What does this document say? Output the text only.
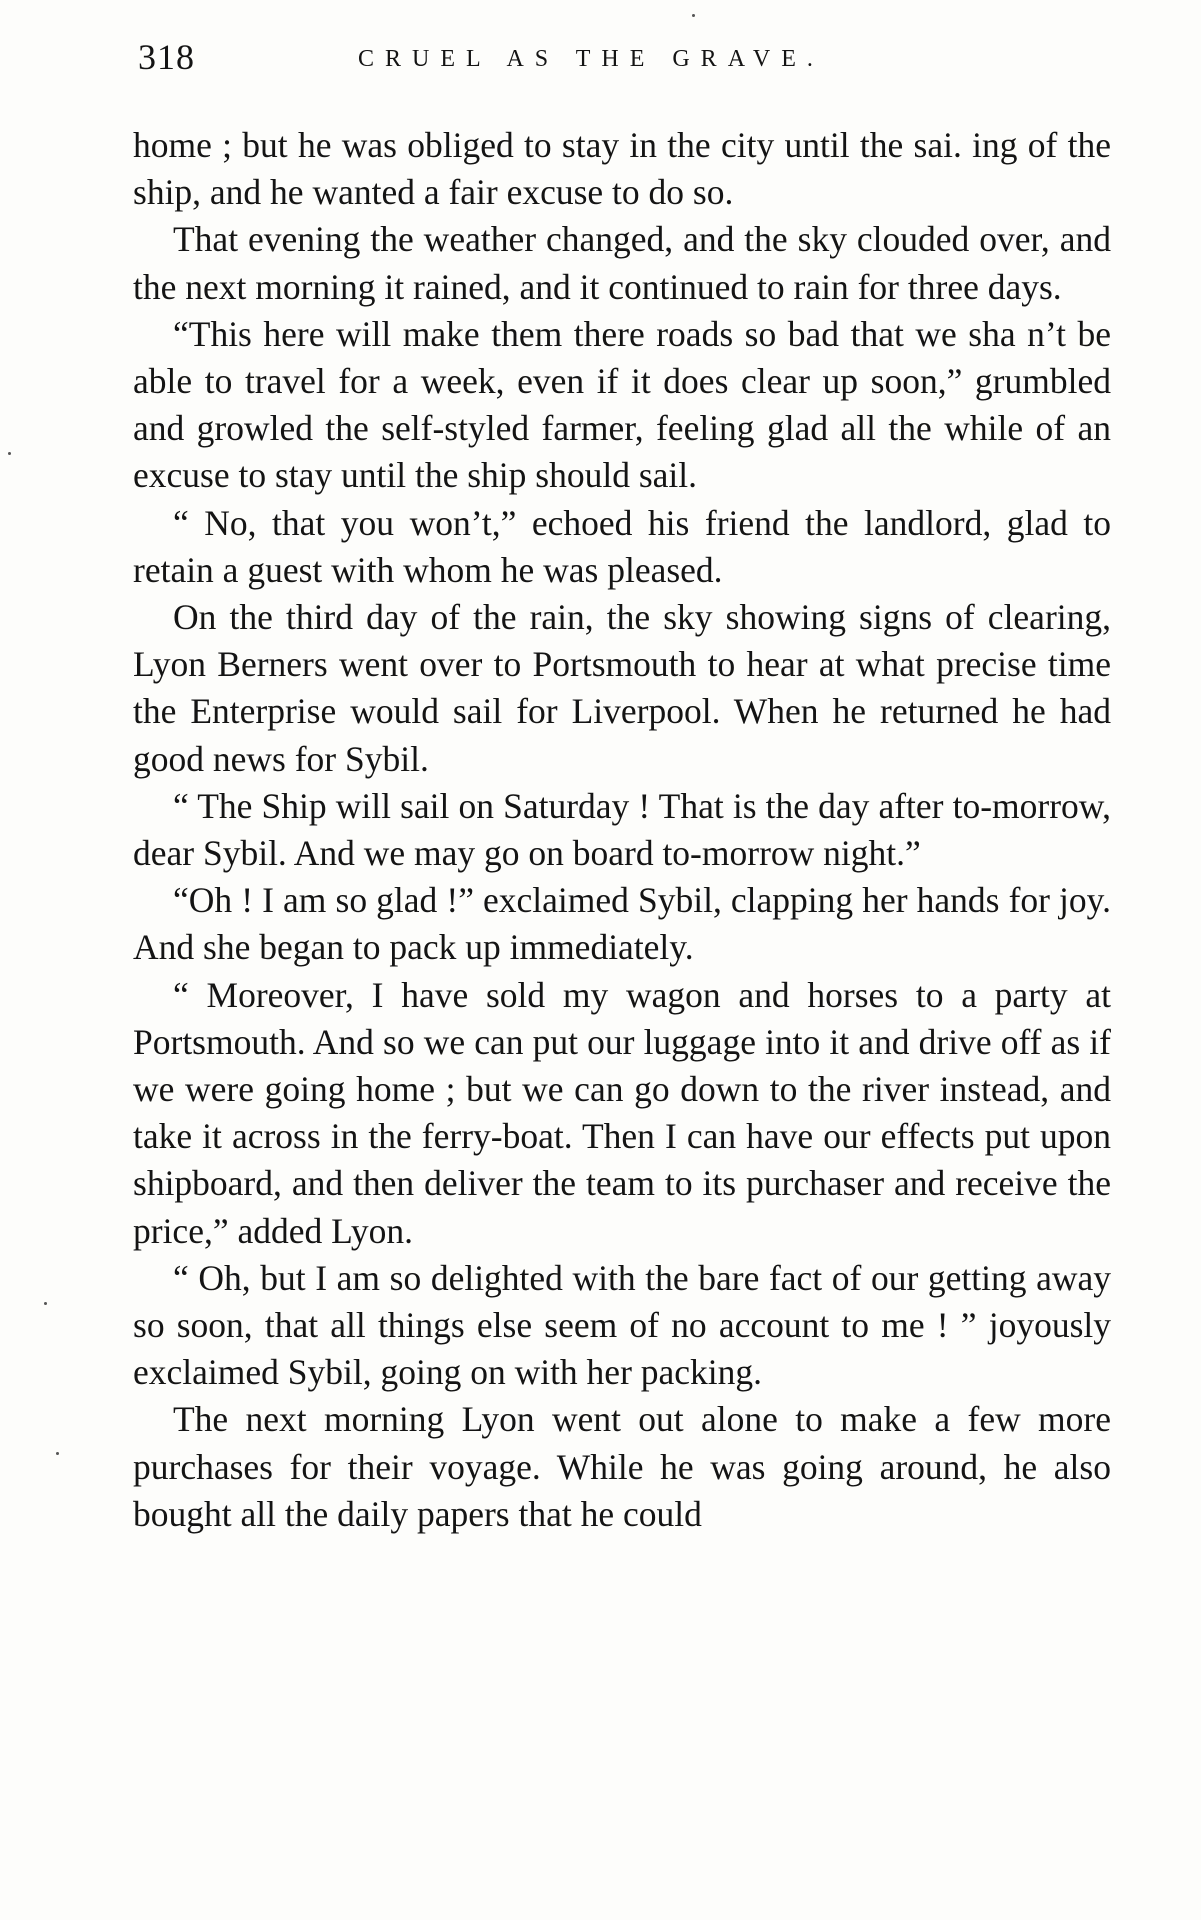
318	CRUEL AS THE GRAVE.

home ; but he was obliged to stay in the city until the sai. ing of the ship, and he wanted a fair excuse to do so.

That evening the weather changed, and the sky clouded over, and the next morning it rained, and it continued to rain for three days.

“This here will make them there roads so bad that we sha n’t be able to travel for a week, even if it does clear up soon,” grumbled and growled the self-styled farmer, feeling glad all the while of an excuse to stay until the ship should sail.

“ No, that you won’t,” echoed his friend the landlord, glad to retain a guest with whom he was pleased.

On the third day of the rain, the sky showing signs of clearing, Lyon Berners went over to Portsmouth to hear at what precise time the Enterprise would sail for Liverpool. When he returned he had good news for Sybil.

“ The Ship will sail on Saturday ! That is the day after to-morrow, dear Sybil. And we may go on board to-morrow night.”

“Oh ! I am so glad !” exclaimed Sybil, clapping her hands for joy. And she began to pack up immediately.

“ Moreover, I have sold my wagon and horses to a party at Portsmouth. And so we can put our luggage into it and drive off as if we were going home ; but we can go down to the river instead, and take it across in the ferry-boat. Then I can have our effects put upon shipboard, and then deliver the team to its purchaser and receive the price,” added Lyon.

“ Oh, but I am so delighted with the bare fact of our getting away so soon, that all things else seem of no account to me ! ” joyously exclaimed Sybil, going on with her packing.

The next morning Lyon went out alone to make a few more purchases for their voyage. While he was going around, he also bought all the daily papers that he could
